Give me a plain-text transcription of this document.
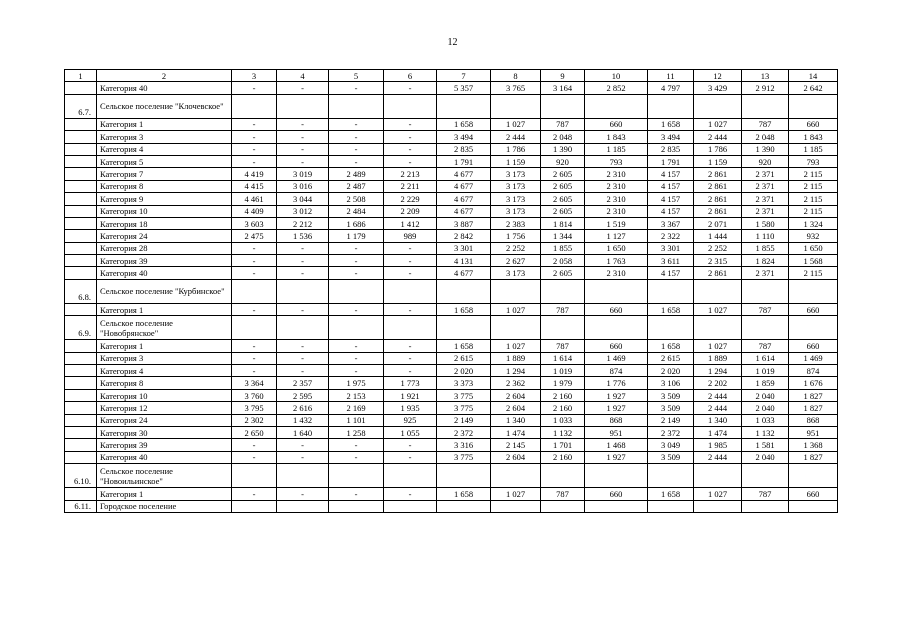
12
1	2	3	4	5	6	7	8	9	10	11	12	13	14
	Категория 40	-	-	-	-	5 357	3 765	3 164	2 852	4 797	3 429	2 912	2 642
6.7.	Сельское поселение "Клочевское"												
	Категория 1	-	-	-	-	1 658	1 027	787	660	1 658	1 027	787	660
	Категория 3	-	-	-	-	3 494	2 444	2 048	1 843	3 494	2 444	2 048	1 843
	Категория 4	-	-	-	-	2 835	1 786	1 390	1 185	2 835	1 786	1 390	1 185
	Категория 5	-	-	-	-	1 791	1 159	920	793	1 791	1 159	920	793
	Категория 7	4 419	3 019	2 489	2 213	4 677	3 173	2 605	2 310	4 157	2 861	2 371	2 115
	Категория 8	4 415	3 016	2 487	2 211	4 677	3 173	2 605	2 310	4 157	2 861	2 371	2 115
	Категория 9	4 461	3 044	2 508	2 229	4 677	3 173	2 605	2 310	4 157	2 861	2 371	2 115
	Категория 10	4 409	3 012	2 484	2 209	4 677	3 173	2 605	2 310	4 157	2 861	2 371	2 115
	Категория 18	3 603	2 212	1 686	1 412	3 887	2 383	1 814	1 519	3 367	2 071	1 580	1 324
	Категория 24	2 475	1 536	1 179	989	2 842	1 756	1 344	1 127	2 322	1 444	1 110	932
	Категория 28	-	-	-	-	3 301	2 252	1 855	1 650	3 301	2 252	1 855	1 650
	Категория 39	-	-	-	-	4 131	2 627	2 058	1 763	3 611	2 315	1 824	1 568
	Категория 40	-	-	-	-	4 677	3 173	2 605	2 310	4 157	2 861	2 371	2 115
6.8.	Сельское поселение "Курбинское"												
	Категория 1	-	-	-	-	1 658	1 027	787	660	1 658	1 027	787	660
6.9.	Сельское поселение "Новобрянское"												
	Категория 1	-	-	-	-	1 658	1 027	787	660	1 658	1 027	787	660
	Категория 3	-	-	-	-	2 615	1 889	1 614	1 469	2 615	1 889	1 614	1 469
	Категория 4	-	-	-	-	2 020	1 294	1 019	874	2 020	1 294	1 019	874
	Категория 8	3 364	2 357	1 975	1 773	3 373	2 362	1 979	1 776	3 106	2 202	1 859	1 676
	Категория 10	3 760	2 595	2 153	1 921	3 775	2 604	2 160	1 927	3 509	2 444	2 040	1 827
	Категория 12	3 795	2 616	2 169	1 935	3 775	2 604	2 160	1 927	3 509	2 444	2 040	1 827
	Категория 24	2 302	1 432	1 101	925	2 149	1 340	1 033	868	2 149	1 340	1 033	868
	Категория 30	2 650	1 640	1 258	1 055	2 372	1 474	1 132	951	2 372	1 474	1 132	951
	Категория 39	-	-	-	-	3 316	2 145	1 701	1 468	3 049	1 985	1 581	1 368
	Категория 40	-	-	-	-	3 775	2 604	2 160	1 927	3 509	2 444	2 040	1 827
6.10.	Сельское поселение "Новоильинское"												
	Категория 1	-	-	-	-	1 658	1 027	787	660	1 658	1 027	787	660
6.11.	Городское поселение												
